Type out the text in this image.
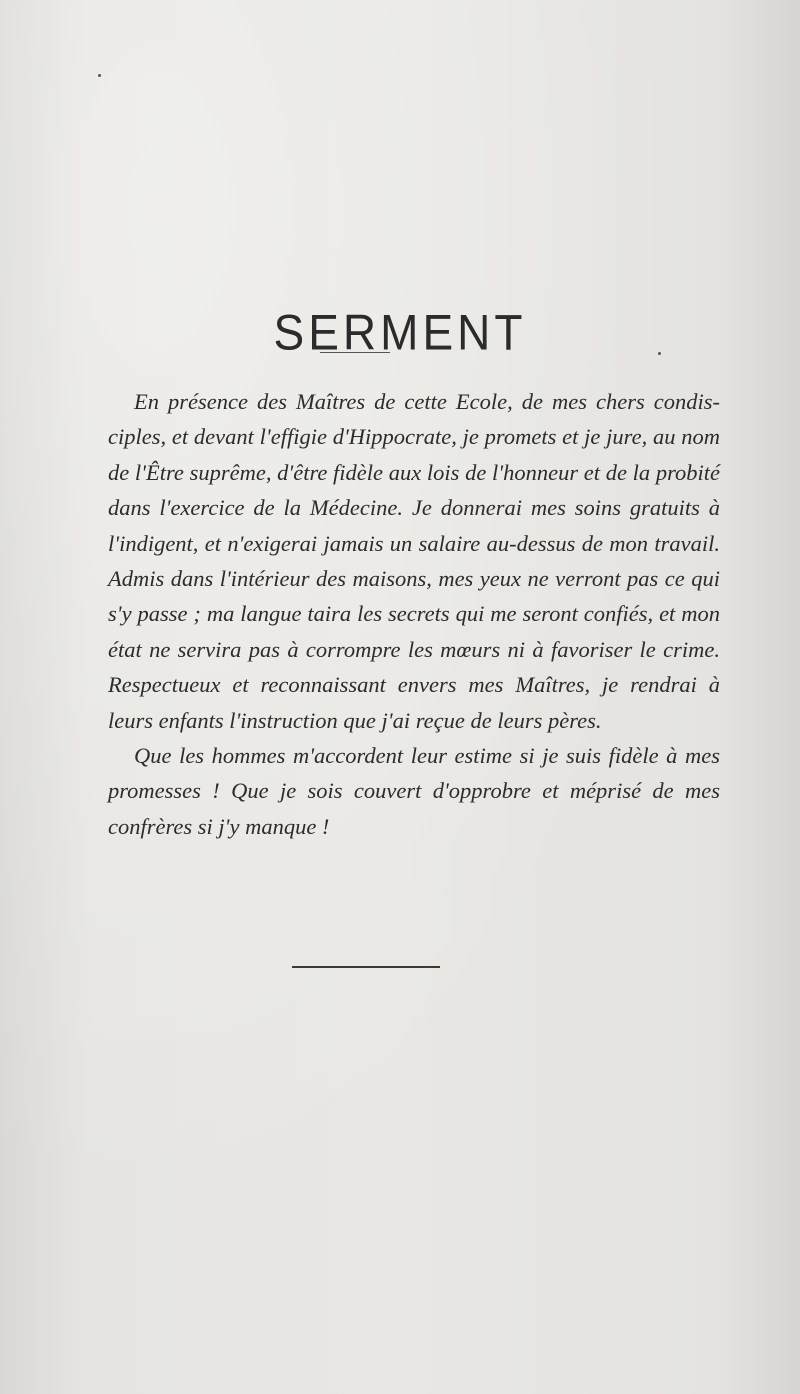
SERMENT

En présence des Maîtres de cette Ecole, de mes chers condisciples, et devant l'effigie d'Hippocrate, je promets et je jure, au nom de l'Être suprême, d'être fidèle aux lois de l'honneur et de la probité dans l'exercice de la Médecine. Je donnerai mes soins gratuits à l'indigent, et n'exigerai jamais un salaire au-dessus de mon travail. Admis dans l'intérieur des maisons, mes yeux ne verront pas ce qui s'y passe ; ma langue taira les secrets qui me seront confiés, et mon état ne servira pas à corrompre les mœurs ni à favoriser le crime. Respectueux et reconnaissant envers mes Maîtres, je rendrai à leurs enfants l'instruction que j'ai reçue de leurs pères.

Que les hommes m'accordent leur estime si je suis fidèle à mes promesses ! Que je sois couvert d'opprobre et méprisé de mes confrères si j'y manque !
